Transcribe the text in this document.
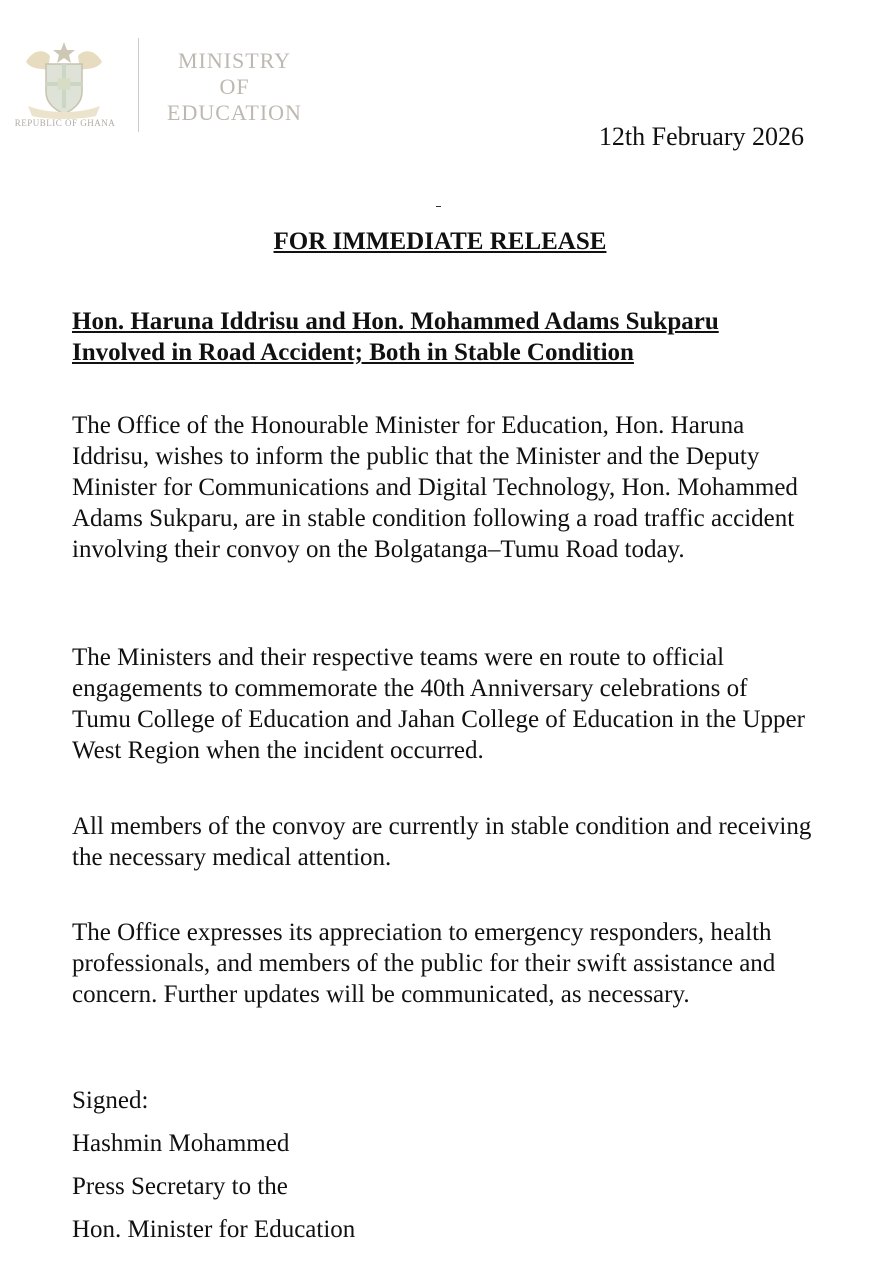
REPUBLIC OF GHANA
MINISTRY
OF
EDUCATION
12th February 2026
FOR IMMEDIATE RELEASE
Hon. Haruna Iddrisu and Hon. Mohammed Adams Sukparu Involved in Road Accident; Both in Stable Condition

The Office of the Honourable Minister for Education, Hon. Haruna Iddrisu, wishes to inform the public that the Minister and the Deputy Minister for Communications and Digital Technology, Hon. Mohammed Adams Sukparu, are in stable condition following a road traffic accident involving their convoy on the Bolgatanga–Tumu Road today.

The Ministers and their respective teams were en route to official engagements to commemorate the 40th Anniversary celebrations of Tumu College of Education and Jahan College of Education in the Upper West Region when the incident occurred.

All members of the convoy are currently in stable condition and receiving the necessary medical attention.

The Office expresses its appreciation to emergency responders, health professionals, and members of the public for their swift assistance and concern. Further updates will be communicated, as necessary.

Signed:
Hashmin Mohammed
Press Secretary to the
Hon. Minister for Education
